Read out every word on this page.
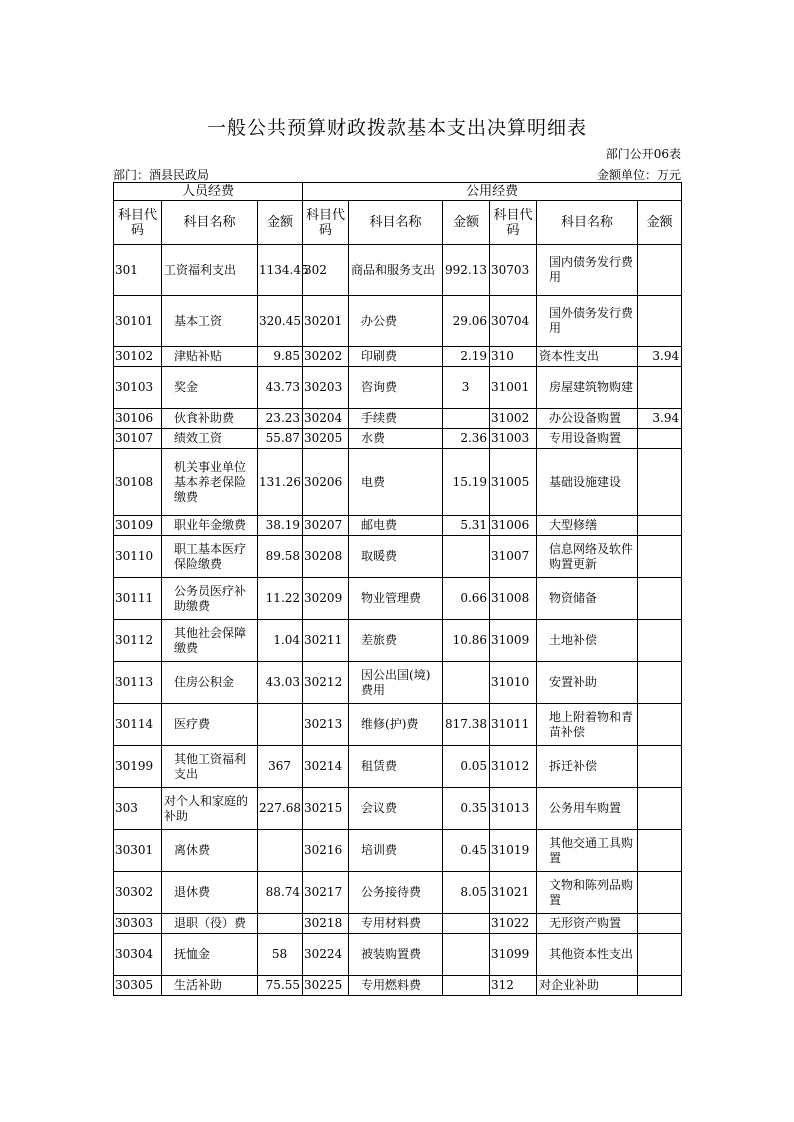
一般公共预算财政拨款基本支出决算明细表
部门公开06表
部门：酒县民政局	金额单位：万元
人员经费			公用经费					
科目代码	科目名称	金额	科目代码	科目名称	金额	科目代码	科目名称	金额
301	工资福利支出	1134.45	302	商品和服务支出	992.13	30703	国内债务发行费用	
30101	基本工资	320.45	30201	办公费	29.06	30704	国外债务发行费用	
30102	津贴补贴	9.85	30202	印刷费	2.19	310	资本性支出	3.94
30103	奖金	43.73	30203	咨询费	3	31001	房屋建筑物购建	
30106	伙食补助费	23.23	30204	手续费		31002	办公设备购置	3.94
30107	绩效工资	55.87	30205	水费	2.36	31003	专用设备购置	
30108	机关事业单位基本养老保险缴费	131.26	30206	电费	15.19	31005	基础设施建设	
30109	职业年金缴费	38.19	30207	邮电费	5.31	31006	大型修缮	
30110	职工基本医疗保险缴费	89.58	30208	取暖费		31007	信息网络及软件购置更新	
30111	公务员医疗补助缴费	11.22	30209	物业管理费	0.66	31008	物资储备	
30112	其他社会保障缴费	1.04	30211	差旅费	10.86	31009	土地补偿	
30113	住房公积金	43.03	30212	因公出国(境)费用		31010	安置补助	
30114	医疗费		30213	维修(护)费	817.38	31011	地上附着物和青苗补偿	
30199	其他工资福利支出	367	30214	租赁费	0.05	31012	拆迁补偿	
303	对个人和家庭的补助	227.68	30215	会议费	0.35	31013	公务用车购置	
30301	离休费		30216	培训费	0.45	31019	其他交通工具购置	
30302	退休费	88.74	30217	公务接待费	8.05	31021	文物和陈列品购置	
30303	退职（役）费		30218	专用材料费		31022	无形资产购置	
30304	抚恤金	58	30224	被装购置费		31099	其他资本性支出	
30305	生活补助	75.55	30225	专用燃料费		312	对企业补助	
